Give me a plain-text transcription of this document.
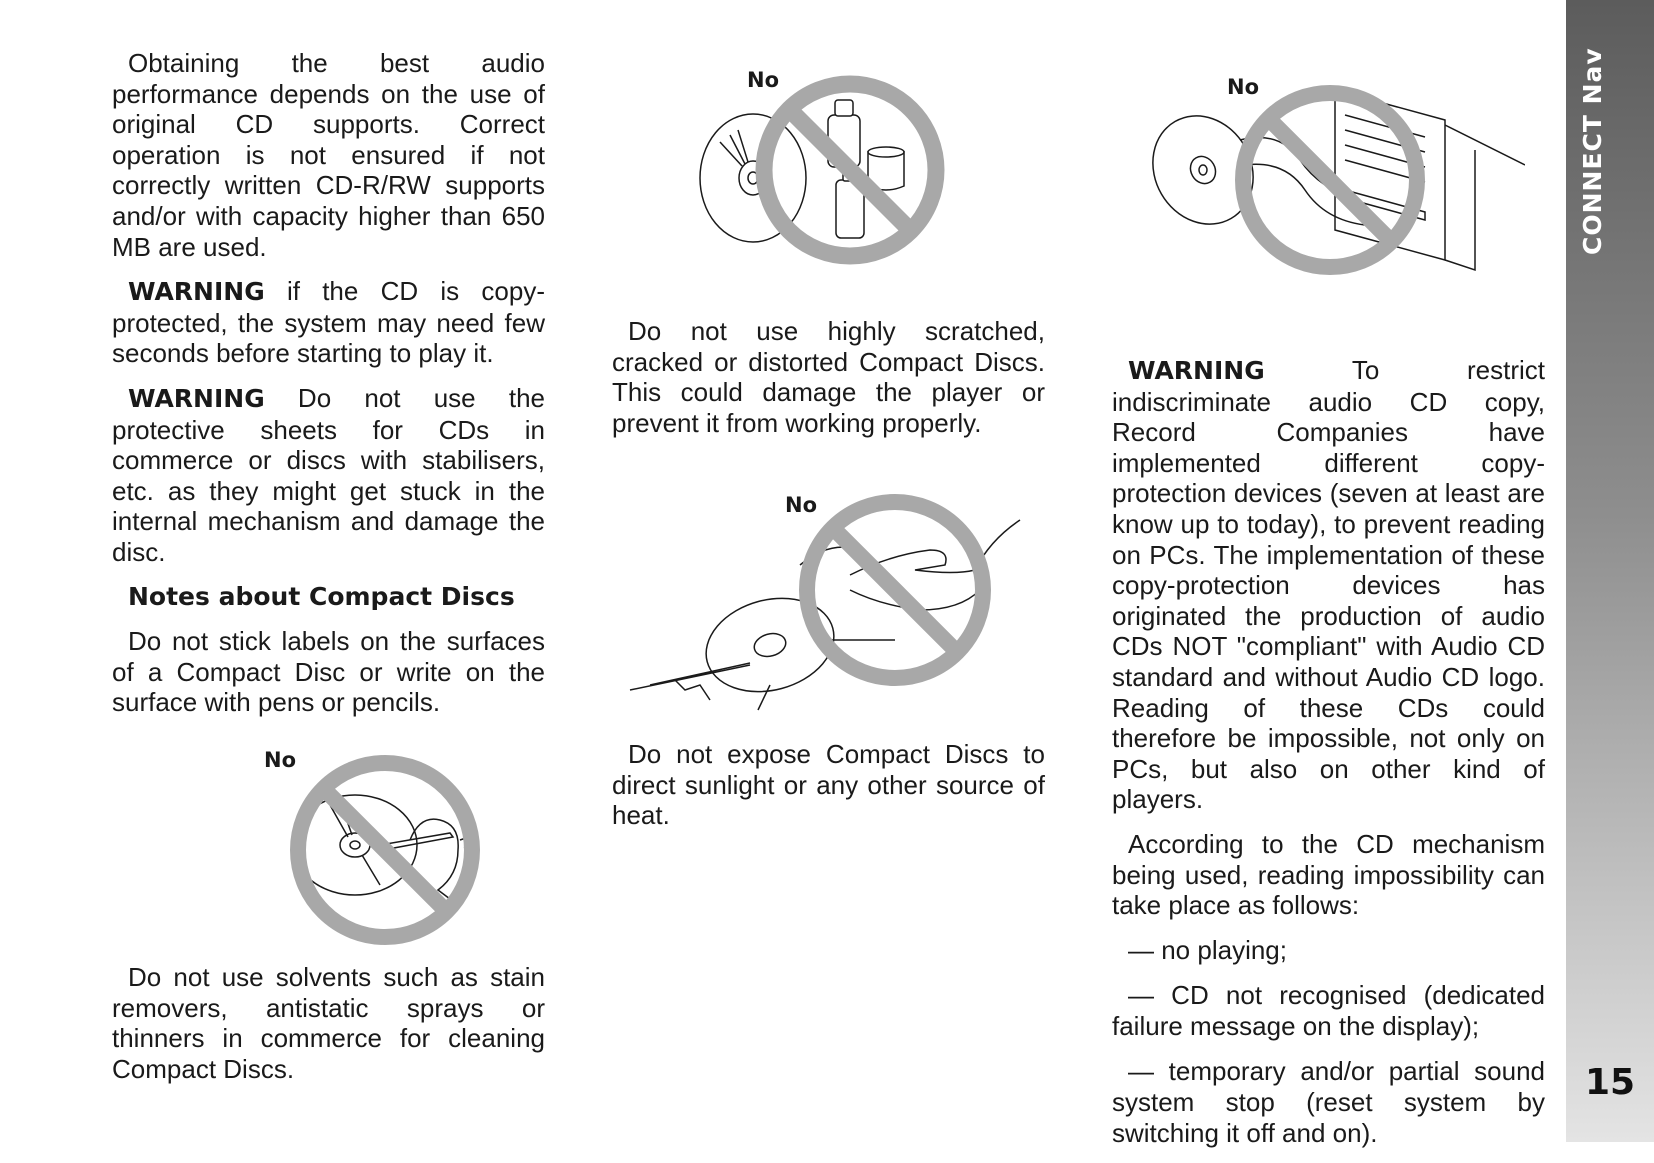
Obtaining the best audio performance depends on the use of original CD supports. Correct operation is not ensured if not correctly written CD-R/RW supports and/or with capacity higher than 650 MB are used.

WARNING if the CD is copy-protected, the system may need few seconds before starting to play it.

WARNING Do not use the protective sheets for CDs in commerce or discs with stabilisers, etc. as they might get stuck in the internal mechanism and damage the disc.

Notes about Compact Discs

Do not stick labels on the surfaces of a Compact Disc or write on the surface with pens or pencils.

Do not use solvents such as stain removers, antistatic sprays or thinners in commerce for cleaning Compact Discs.

Do not use highly scratched, cracked or distorted Compact Discs. This could damage the player or prevent it from working properly.

Do not expose Compact Discs to direct sunlight or any other source of heat.

WARNING To restrict indiscriminate audio CD copy, Record Companies have implemented different copy-protection devices (seven at least are know up to today), to prevent reading on PCs. The implementation of these copy-protection devices has originated the production of audio CDs NOT "compliant" with Audio CD standard and without Audio CD logo. Reading of these CDs could therefore be impossible, not only on PCs, but also on other kind of players.

According to the CD mechanism being used, reading impossibility can take place as follows:

— no playing;

— CD not recognised (dedicated failure message on the display);

— temporary and/or partial sound system stop (reset system by switching it off and on).

No	No
No
No
CONNECT Nav
15
